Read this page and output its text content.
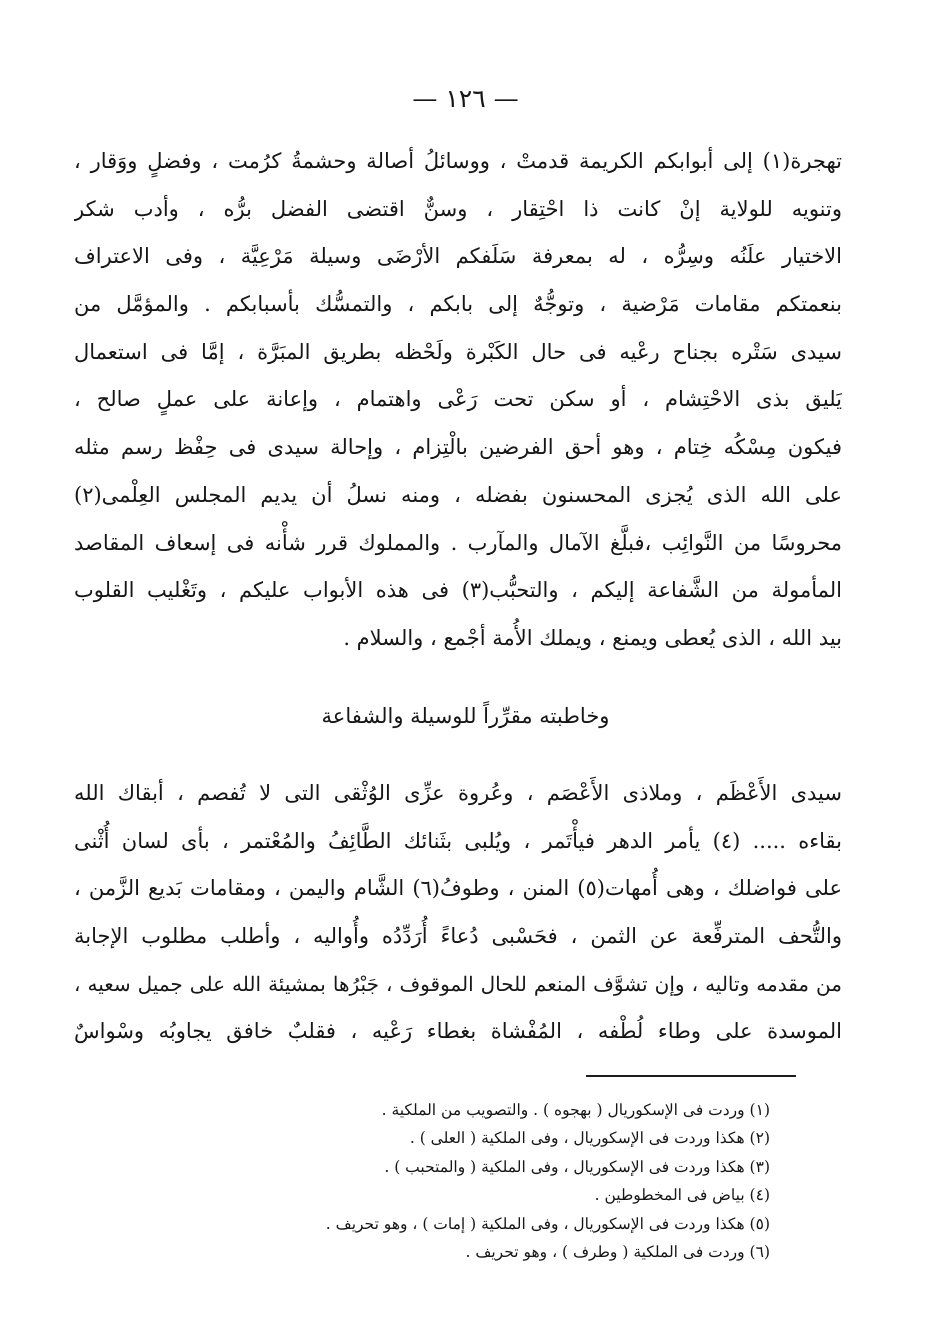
— ١٢٦ —
تهجرة(١) إلى أبوابكم الكريمة قدمتْ ، ووسائلُ أصالة وحشمةُ كرُمت ، وفضلٍ ووَقار ،
وتنويه للولاية إنْ كانت ذا احْتِقار ، وسنٌّ اقتضى الفضل برُّه ، وأدب شكر
الاختيار علَنُه وسِرُّه ، له بمعرفة سَلَفكم الأرْضَى وسيلة مَرْعِيَّة ، وفى الاعتراف
بنعمتكم مقامات مَرْضية ، وتوجُّهٌ إلى بابكم ، والتمسُّك بأسبابكم . والمؤمَّل من
سيدى سَتْره بجناح رعْيه فى حال الكَبْرة ولَحْظه بطريق المبَرَّة ، إمَّا فى استعمال
يَليق بذى الاحْتِشام ، أو سكن تحت رَعْى واهتمام ، وإعانة على عملٍ صالح ،
فيكون مِسْكُه خِتام ، وهو أحق الفرضين بالْتِزام ، وإحالة سيدى فى حِفْظ رسم مثله
على الله الذى يُجزى المحسنون بفضله ، ومنه نسلُ أن يديم المجلس العِلْمى(٢)
محروسًا من النَّوائِب ،فبلَّغ الآمال والمآرب . والمملوك قرر شأْنه فى إسعاف المقاصد
المأمولة من الشَّفاعة إليكم ، والتحبُّب(٣) فى هذه الأبواب عليكم ، وتَغْليب القلوب
بيد الله ، الذى يُعطى ويمنع ، ويملك الأُمة أجْمع ، والسلام .
وخاطبته مقرِّراً للوسيلة والشفاعة
سيدى الأَعْظَم ، وملاذى الأَعْصَم ، وعُروة عزِّى الوُثْقى التى لا تُفصم ، أبقاك الله
بقاءه ..... (٤) يأمر الدهر فيأْتَمر ، ويُلبى بثَنائك الطَّائِفُ والمُعْتمر ، بأى لسان أُثْنى
على فواضلك ، وهى أُمهات(٥) المنن ، وطوفُ(٦) الشَّام واليمن ، ومقامات بَديع الزَّمن ،
والتُّحف المترفِّعة عن الثمن ، فحَسْبى دُعاءً أُرَدِّدُه وأُواليه ، وأطلب مطلوب الإجابة
من مقدمه وتاليه ، وإن تشوَّف المنعم للحال الموقوف ، جَبْرُها بمشيئة الله على جميل سعيه ،
الموسدة على وطاء لُطْفه ، المُفْشاة بغطاء رَعْيه ، فقلبٌ خافق يجاوبُه وسْواسٌ
(١) وردت فى الإسكوريال ( بهجوه ) . والتصويب من الملكية .
(٢) هكذا وردت فى الإسكوريال ، وفى الملكية ( العلى ) .
(٣) هكذا وردت فى الإسكوريال ، وفى الملكية ( والمتحبب ) .
(٤) بياض فى المخطوطين .
(٥) هكذا وردت فى الإسكوريال ، وفى الملكية ( إمات ) ، وهو تحريف .
(٦) وردت فى الملكية ( وطرف ) ، وهو تحريف .
